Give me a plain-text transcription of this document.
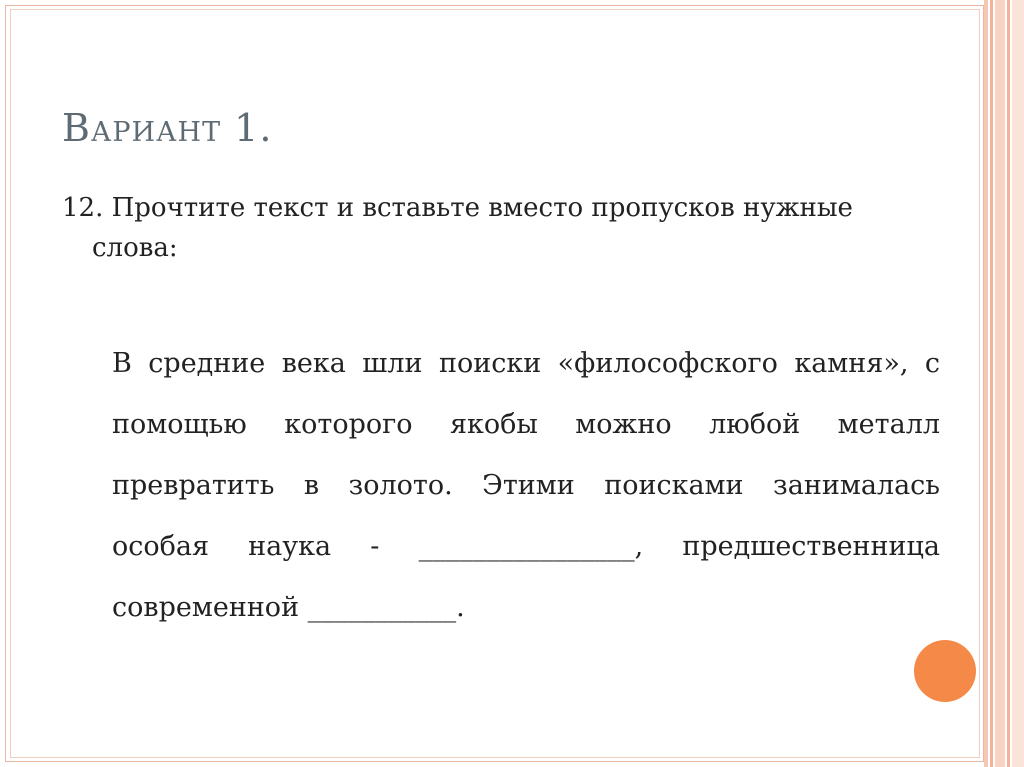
Вариант 1.

12. Прочтите текст и вставьте вместо пропусков нужные слова:

В средние века шли поиски «философского камня», с помощью которого якобы можно любой металл превратить в золото. Этими поисками занималась особая наука - ________________, предшественница современной ___________.
